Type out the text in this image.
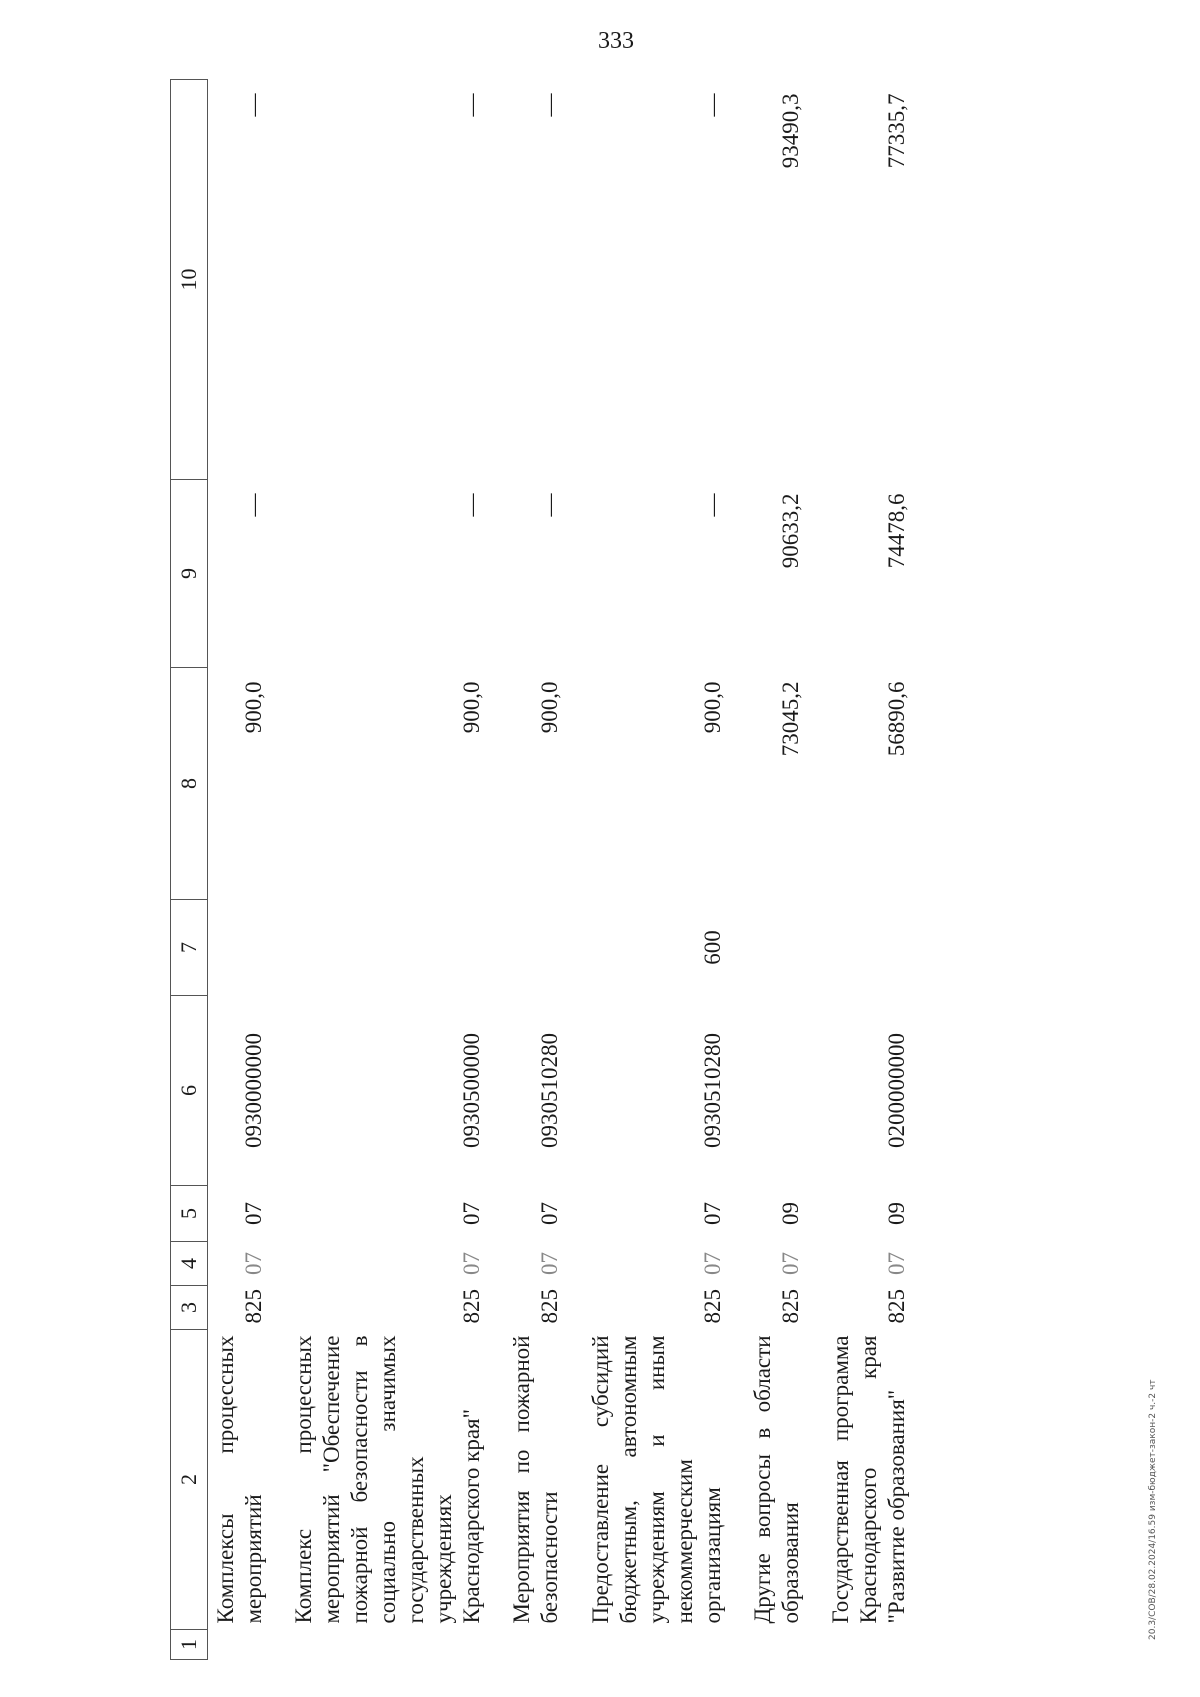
333
1	2	3	4	5	6	7	8	9	10
	Комплексы процессных мероприятий	825	07	07	0930000000		900,0	—	—
	Комплекс процессных мероприятий "Обеспечение пожарной безопасности в социально значимых государственных учреждениях Краснодарского края"	825	07	07	0930500000		900,0	—	—
	Мероприятия по пожарной безопасности	825	07	07	0930510280		900,0	—	—
	Предоставление субсидий бюджетным, автономным учреждениям и иным некоммерческим организациям	825	07	07	0930510280	600	900,0	—	—
	Другие вопросы в области образования	825	07	09			73045,2	90633,2	93490,3
	Государственная программа Краснодарского края "Развитие образования"	825	07	09	0200000000		56890,6	74478,6	77335,7
20.3/СОВ/28.02.2024/16.59 изм-бюджет-закон-2 ч.-2 чт
